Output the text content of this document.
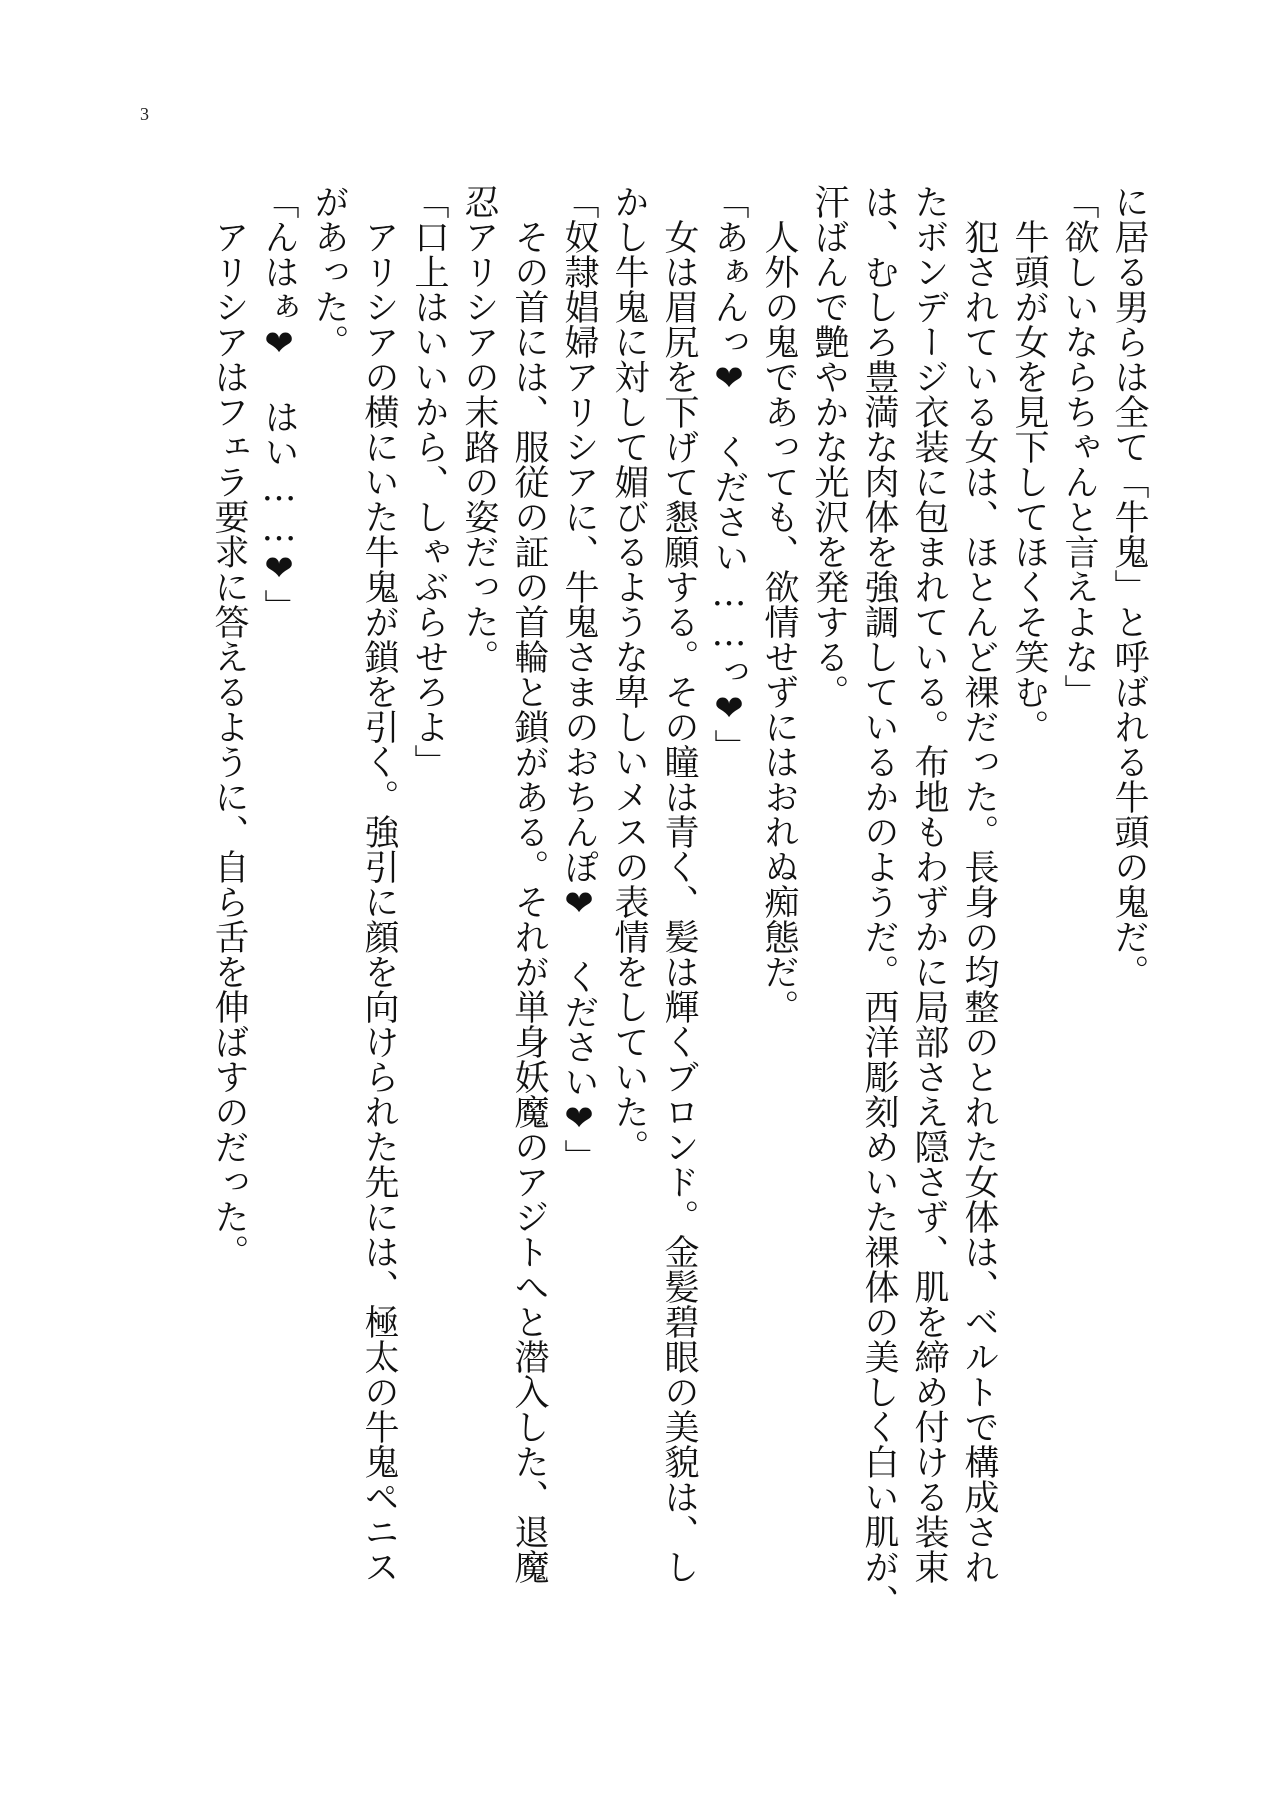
3
に居る男らは全て「牛鬼」と呼ばれる牛頭の鬼だ。
「欲しいならちゃんと言えよな」
　牛頭が女を見下してほくそ笑む。
　犯されている女は、ほとんど裸だった。長身の均整のとれた女体は、ベルトで構成され
たボンデージ衣装に包まれている。布地もわずかに局部さえ隠さず、肌を締め付ける装束
は、むしろ豊満な肉体を強調しているかのようだ。西洋彫刻めいた裸体の美しく白い肌が、
汗ばんで艶やかな光沢を発する。
　人外の鬼であっても、欲情せずにはおれぬ痴態だ。
「あぁんっ❤　ください……っ❤」
　女は眉尻を下げて懇願する。その瞳は青く、髪は輝くブロンド。金髪碧眼の美貌は、し
かし牛鬼に対して媚びるような卑しいメスの表情をしていた。
「奴隷娼婦アリシアに、牛鬼さまのおちんぽ❤　ください❤」
　その首には、服従の証の首輪と鎖がある。それが単身妖魔のアジトへと潜入した、退魔
忍アリシアの末路の姿だった。
「口上はいいから、しゃぶらせろよ」
　アリシアの横にいた牛鬼が鎖を引く。強引に顔を向けられた先には、極太の牛鬼ペニス
があった。
「んはぁ❤　はい……❤」
　アリシアはフェラ要求に答えるように、自ら舌を伸ばすのだった。
